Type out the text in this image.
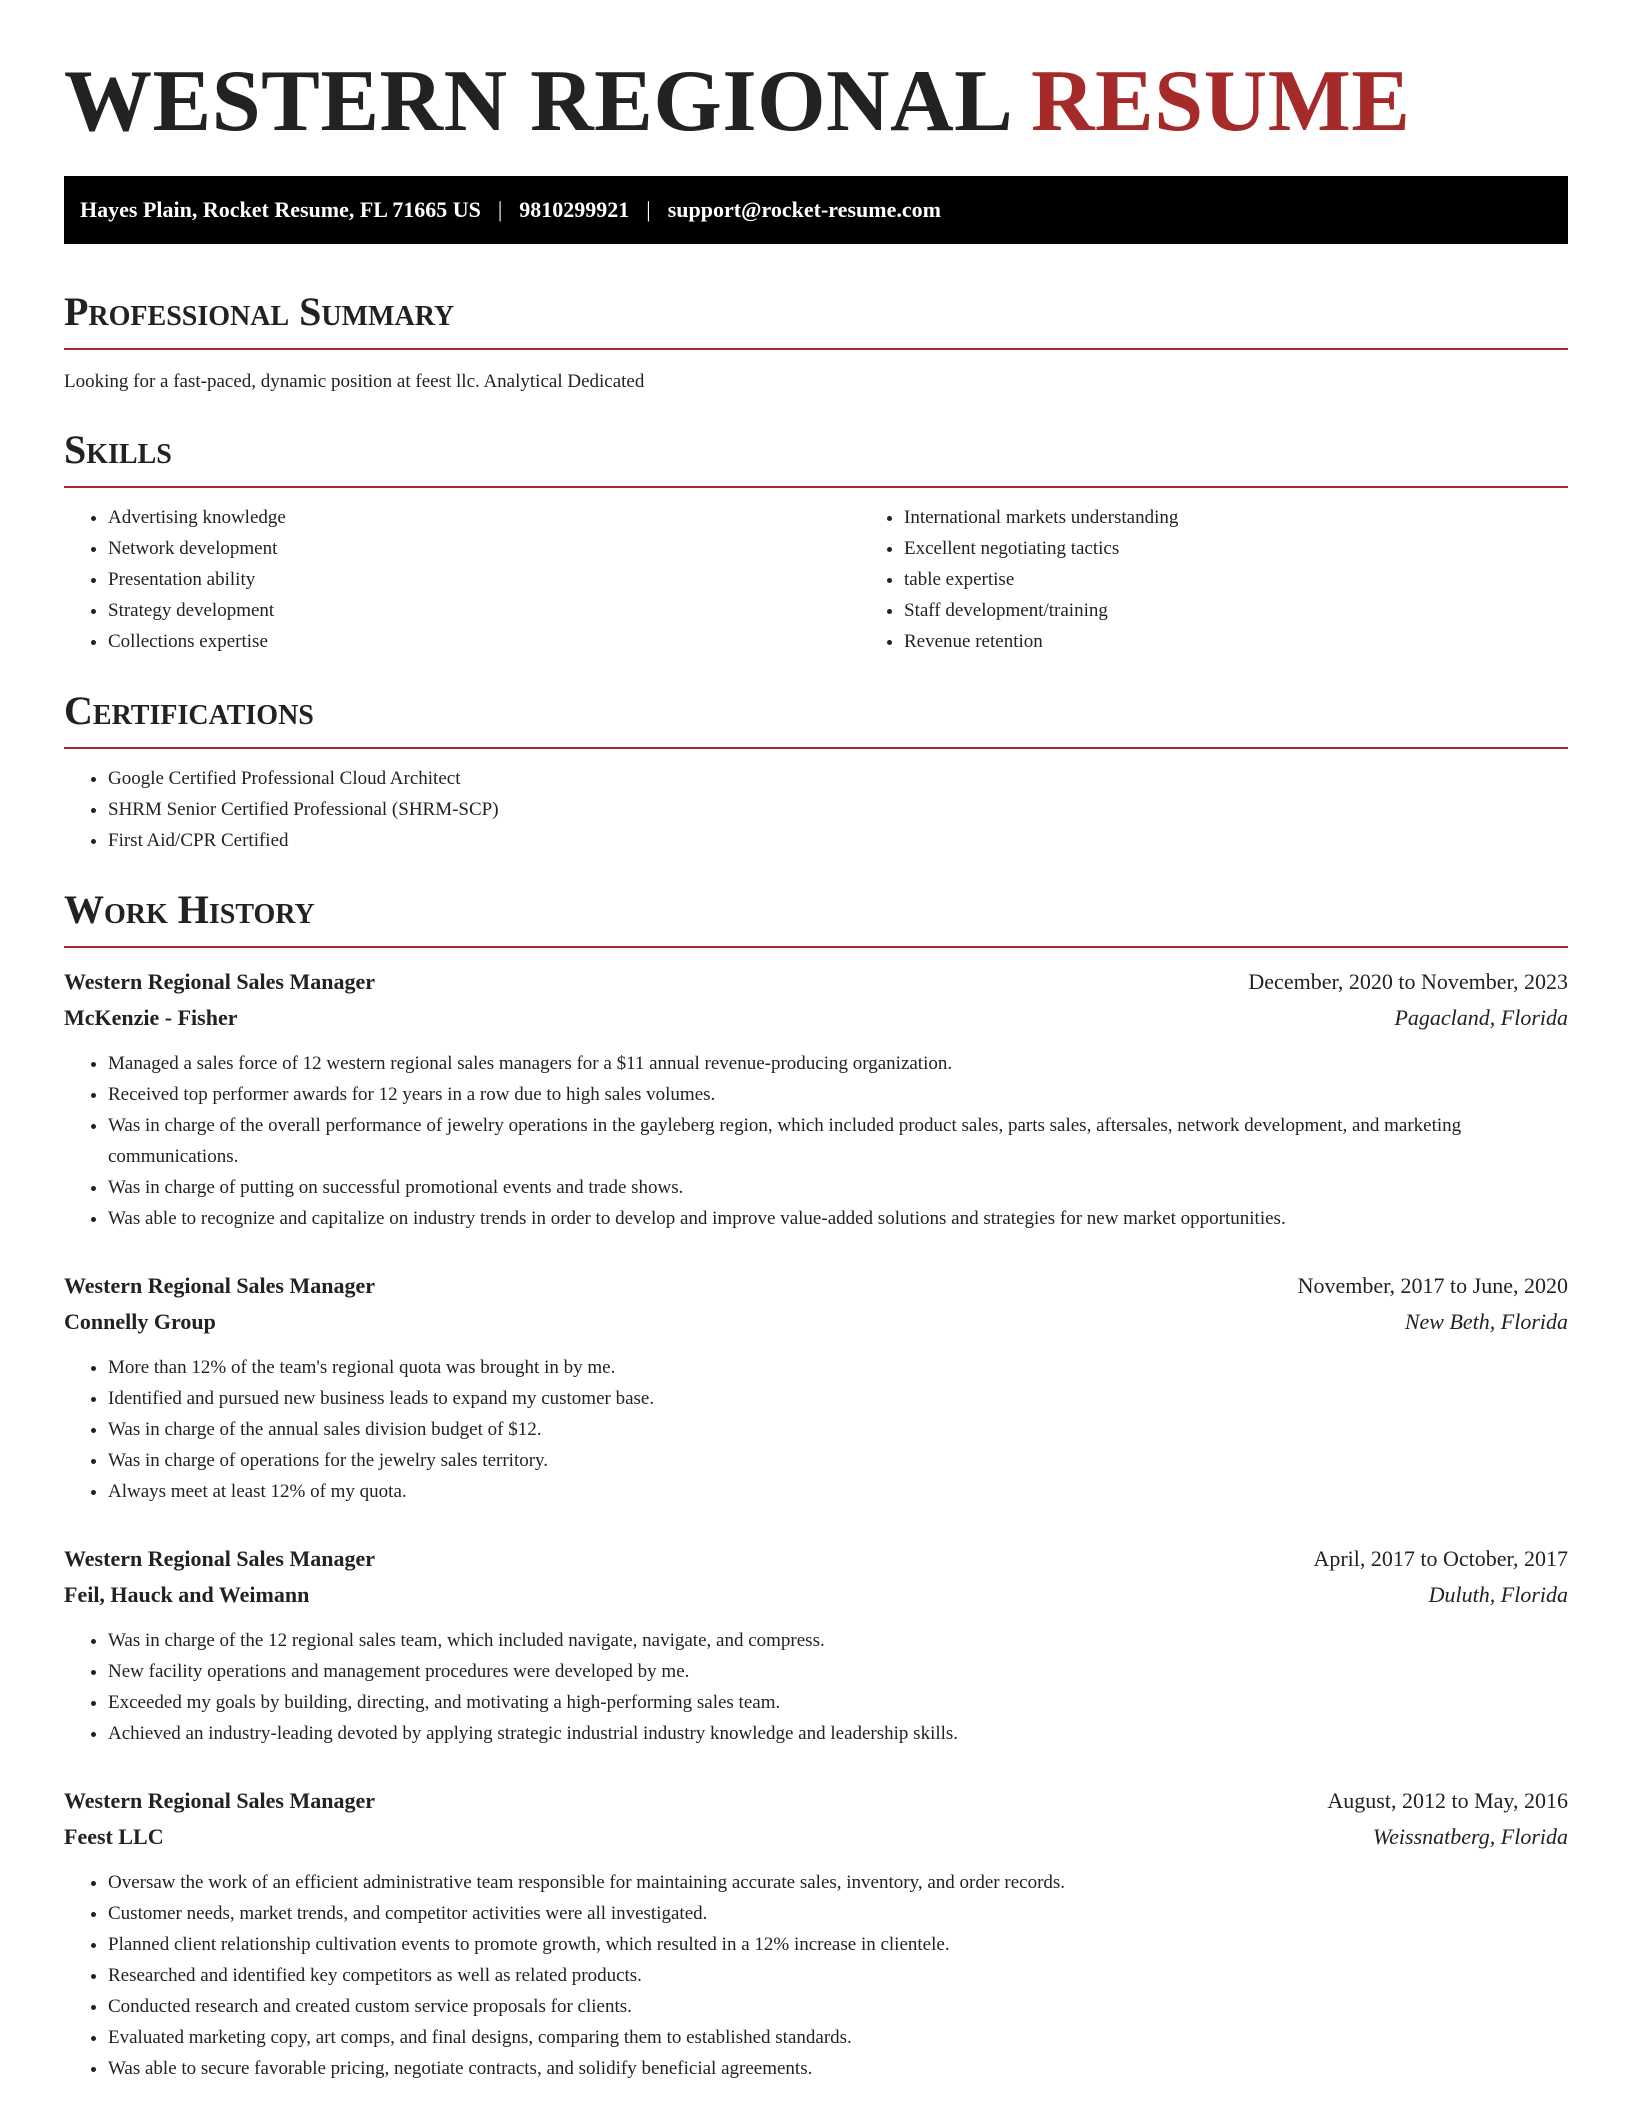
WESTERN REGIONAL RESUME
Hayes Plain, Rocket Resume, FL 71665 US | 9810299921 | support@rocket-resume.com
Professional Summary

Looking for a fast-paced, dynamic position at feest llc. Analytical Dedicated

Skills
• Advertising knowledge
• Network development
• Presentation ability
• Strategy development
• Collections expertise
• International markets understanding
• Excellent negotiating tactics
• table expertise
• Staff development/training
• Revenue retention
Certifications
• Google Certified Professional Cloud Architect
• SHRM Senior Certified Professional (SHRM-SCP)
• First Aid/CPR Certified
Work History
Western Regional Sales Manager	December, 2020 to November, 2023
McKenzie - Fisher	Pagacland, Florida
• Managed a sales force of 12 western regional sales managers for a $11 annual revenue-producing organization.
• Received top performer awards for 12 years in a row due to high sales volumes.
• Was in charge of the overall performance of jewelry operations in the gayleberg region, which included product sales, parts sales, aftersales, network development, and marketing communications.
• Was in charge of putting on successful promotional events and trade shows.
• Was able to recognize and capitalize on industry trends in order to develop and improve value-added solutions and strategies for new market opportunities.
Western Regional Sales Manager	November, 2017 to June, 2020
Connelly Group	New Beth, Florida
• More than 12% of the team's regional quota was brought in by me.
• Identified and pursued new business leads to expand my customer base.
• Was in charge of the annual sales division budget of $12.
• Was in charge of operations for the jewelry sales territory.
• Always meet at least 12% of my quota.
Western Regional Sales Manager	April, 2017 to October, 2017
Feil, Hauck and Weimann	Duluth, Florida
• Was in charge of the 12 regional sales team, which included navigate, navigate, and compress.
• New facility operations and management procedures were developed by me.
• Exceeded my goals by building, directing, and motivating a high-performing sales team.
• Achieved an industry-leading devoted by applying strategic industrial industry knowledge and leadership skills.
Western Regional Sales Manager	August, 2012 to May, 2016
Feest LLC	Weissnatberg, Florida
• Oversaw the work of an efficient administrative team responsible for maintaining accurate sales, inventory, and order records.
• Customer needs, market trends, and competitor activities were all investigated.
• Planned client relationship cultivation events to promote growth, which resulted in a 12% increase in clientele.
• Researched and identified key competitors as well as related products.
• Conducted research and created custom service proposals for clients.
• Evaluated marketing copy, art comps, and final designs, comparing them to established standards.
• Was able to secure favorable pricing, negotiate contracts, and solidify beneficial agreements.
